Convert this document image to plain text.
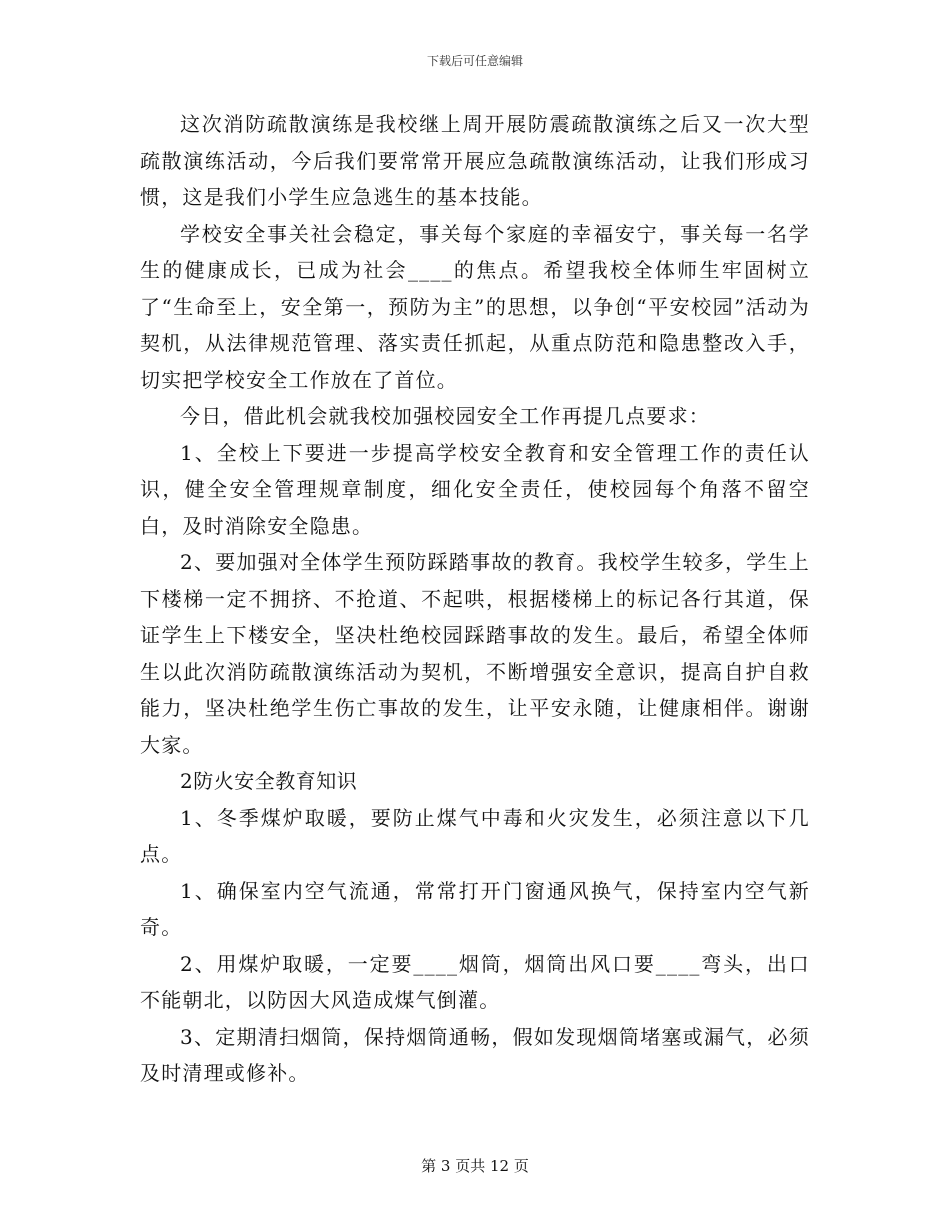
下载后可任意编辑

这次消防疏散演练是我校继上周开展防震疏散演练之后又一次大型疏散演练活动，今后我们要常常开展应急疏散演练活动，让我们形成习惯，这是我们小学生应急逃生的基本技能。

学校安全事关社会稳定，事关每个家庭的幸福安宁，事关每一名学生的健康成长，已成为社会____的焦点。希望我校全体师生牢固树立了“生命至上，安全第一，预防为主”的思想，以争创“平安校园”活动为契机，从法律规范管理、落实责任抓起，从重点防范和隐患整改入手，切实把学校安全工作放在了首位。

今日，借此机会就我校加强校园安全工作再提几点要求：

1、全校上下要进一步提高学校安全教育和安全管理工作的责任认识，健全安全管理规章制度，细化安全责任，使校园每个角落不留空白，及时消除安全隐患。

2、要加强对全体学生预防踩踏事故的教育。我校学生较多，学生上下楼梯一定不拥挤、不抢道、不起哄，根据楼梯上的标记各行其道，保证学生上下楼安全，坚决杜绝校园踩踏事故的发生。最后，希望全体师生以此次消防疏散演练活动为契机，不断增强安全意识，提高自护自救能力，坚决杜绝学生伤亡事故的发生，让平安永随，让健康相伴。谢谢大家。

2防火安全教育知识

1、冬季煤炉取暖，要防止煤气中毒和火灾发生，必须注意以下几点。

1、确保室内空气流通，常常打开门窗通风换气，保持室内空气新奇。

2、用煤炉取暖，一定要____烟筒，烟筒出风口要____弯头，出口不能朝北，以防因大风造成煤气倒灌。

3、定期清扫烟筒，保持烟筒通畅，假如发现烟筒堵塞或漏气，必须及时清理或修补。

第 3 页共 12 页
